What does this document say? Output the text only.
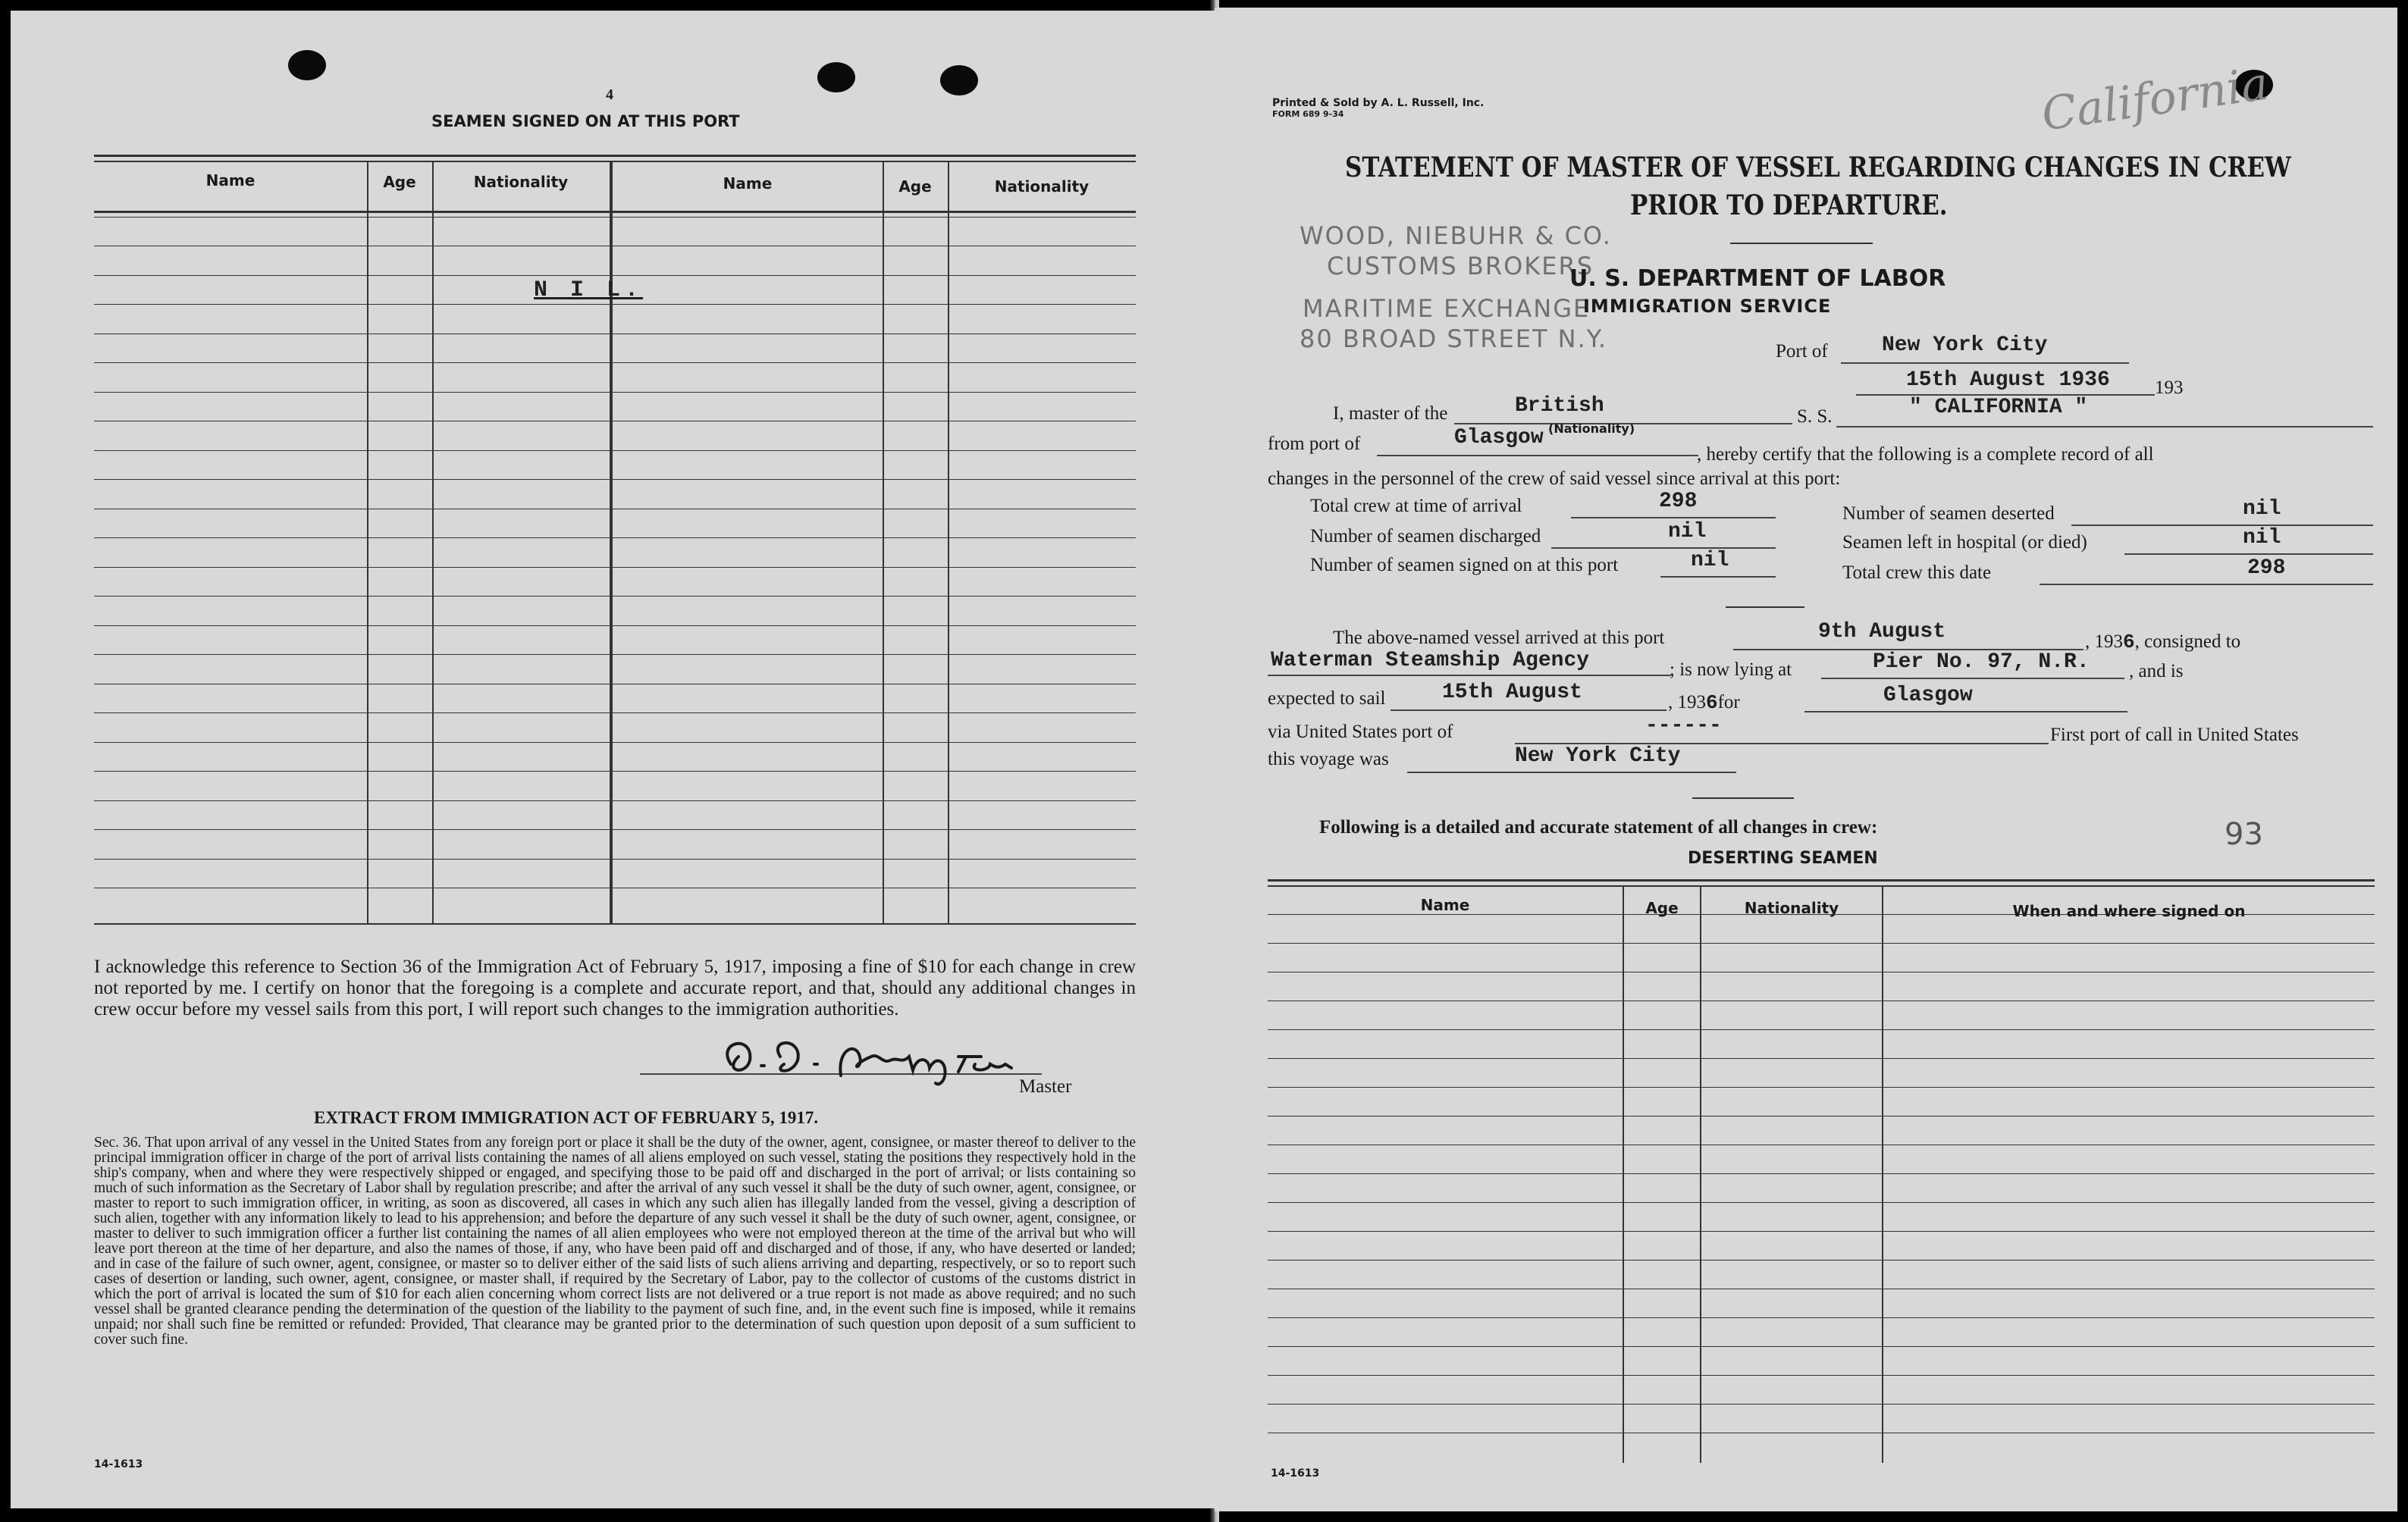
4
SEAMEN SIGNED ON AT THIS PORT
Name	Age	Nationality	Name	Age	Nationality
N I L.
I acknowledge this reference to Section 36 of the Immigration Act of February 5, 1917, imposing a fine of $10 for each change in crew not reported by me. I certify on honor that the foregoing is a complete and accurate report, and that, should any additional changes in crew occur before my vessel sails from this port, I will report such changes to the immigration authorities.
Master
EXTRACT FROM IMMIGRATION ACT OF FEBRUARY 5, 1917.
Sec. 36. That upon arrival of any vessel in the United States from any foreign port or place it shall be the duty of the owner, agent, consignee, or master thereof to deliver to the principal immigration officer in charge of the port of arrival lists containing the names of all aliens employed on such vessel, stating the positions they respectively hold in the ship's company, when and where they were respectively shipped or engaged, and specifying those to be paid off and discharged in the port of arrival; or lists containing so much of such information as the Secretary of Labor shall by regulation prescribe; and after the arrival of any such vessel it shall be the duty of such owner, agent, consignee, or master to report to such immigration officer, in writing, as soon as discovered, all cases in which any such alien has illegally landed from the vessel, giving a description of such alien, together with any information likely to lead to his apprehension; and before the departure of any such vessel it shall be the duty of such owner, agent, consignee, or master to deliver to such immigration officer a further list containing the names of all alien employees who were not employed thereon at the time of the arrival but who will leave port thereon at the time of her departure, and also the names of those, if any, who have been paid off and discharged and of those, if any, who have deserted or landed; and in case of the failure of such owner, agent, consignee, or master so to deliver either of the said lists of such aliens arriving and departing, respectively, or so to report such cases of desertion or landing, such owner, agent, consignee, or master shall, if required by the Secretary of Labor, pay to the collector of customs of the customs district in which the port of arrival is located the sum of $10 for each alien concerning whom correct lists are not delivered or a true report is not made as above required; and no such vessel shall be granted clearance pending the determination of the question of the liability to the payment of such fine, and, in the event such fine is imposed, while it remains unpaid; nor shall such fine be remitted or refunded: Provided, That clearance may be granted prior to the determination of such question upon deposit of a sum sufficient to cover such fine.
14-1613
Printed & Sold by A. L. Russell, Inc.
FORM 689 9-34	California
STATEMENT OF MASTER OF VESSEL REGARDING CHANGES IN CREW
PRIOR TO DEPARTURE.
WOOD, NIEBUHR & CO.
CUSTOMS BROKERS
MARITIME EXCHANGE
80 BROAD STREET N.Y.
U. S. DEPARTMENT OF LABOR
IMMIGRATION SERVICE
Port of	New York City
15th August 1936 193
I, master of the	British	S. S.	" CALIFORNIA "
from port of	Glasgow (Nationality)
, hereby certify that the following is a complete record of all
changes in the personnel of the crew of said vessel since arrival at this port:
Total crew at time of arrival	298
Number of seamen discharged	nil
Number of seamen signed on at this port	nil
Number of seamen deserted	nil
Seamen left in hospital (or died)	nil
Total crew this date	298
The above-named vessel arrived at this port	9th August	, 1936, consigned to
Waterman Steamship Agency	; is now lying at	Pier No. 97, N.R. , and is
expected to sail	15th August	, 1936for	Glasgow
via United States port of	------	First port of call in United States
this voyage was	New York City
Following is a detailed and accurate statement of all changes in crew:	93
DESERTING SEAMEN
Name	Age	Nationality	When and where signed on
14-1613
